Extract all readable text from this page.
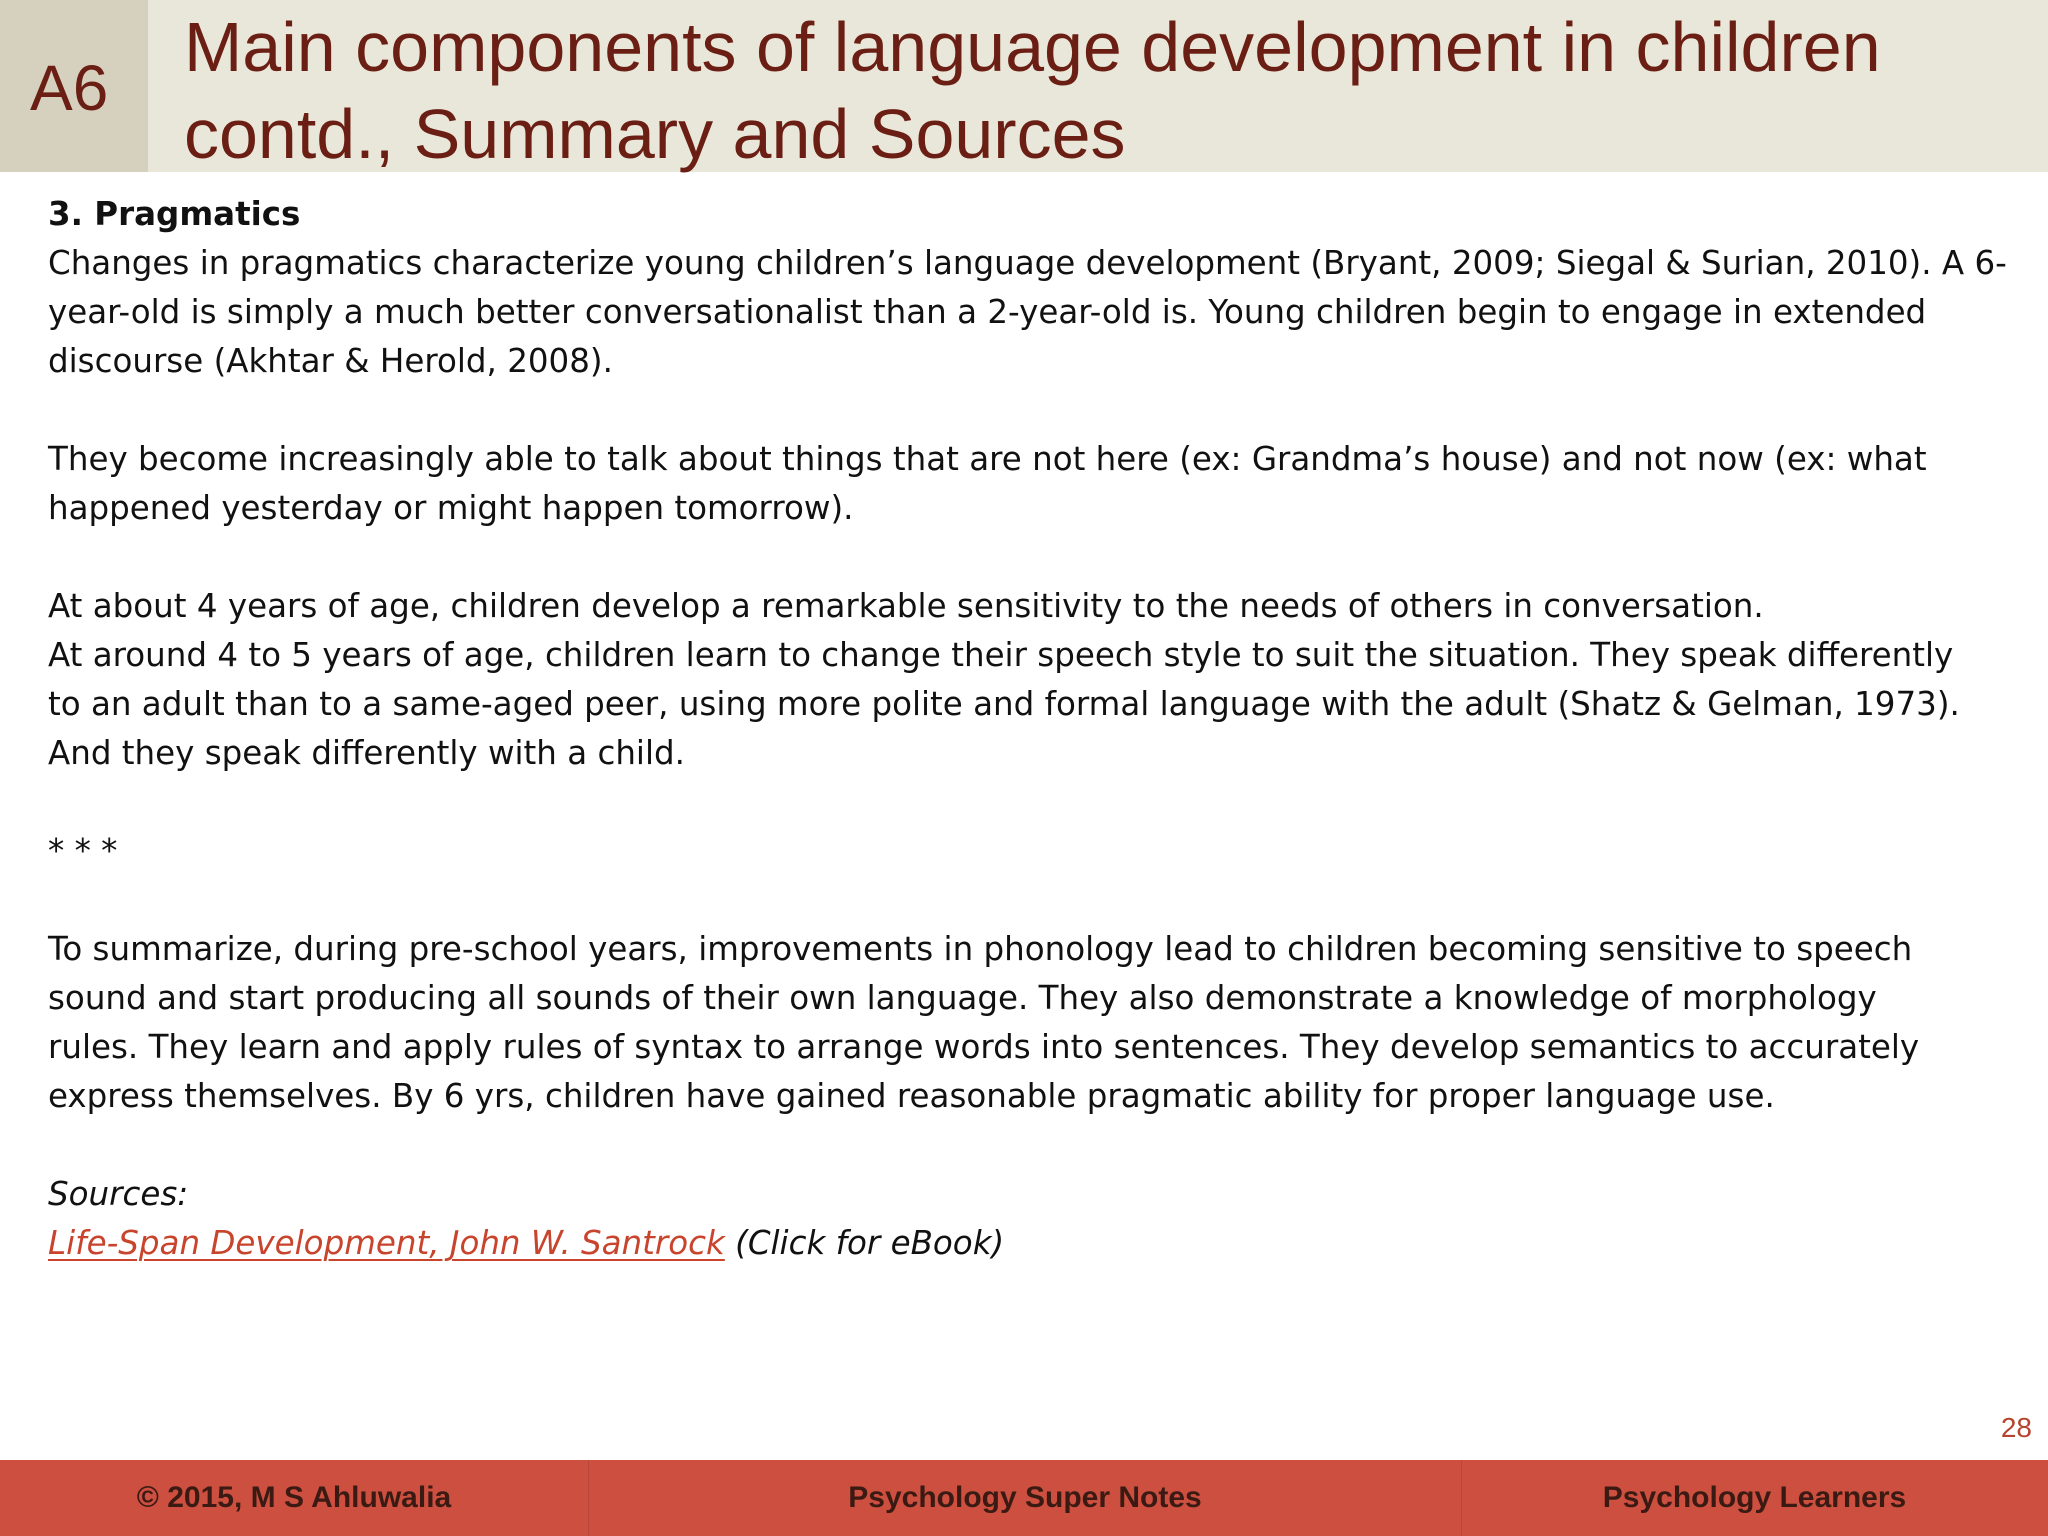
A6
Main components of language development in children
contd., Summary and Sources
3. Pragmatics
Changes in pragmatics characterize young children’s language development (Bryant, 2009; Siegal & Surian, 2010). A 6-
year-old is simply a much better conversationalist than a 2-year-old is. Young children begin to engage in extended
discourse (Akhtar & Herold, 2008).
They become increasingly able to talk about things that are not here (ex: Grandma’s house) and not now (ex: what
happened yesterday or might happen tomorrow).
At about 4 years of age, children develop a remarkable sensitivity to the needs of others in conversation.
At around 4 to 5 years of age, children learn to change their speech style to suit the situation. They speak differently
to an adult than to a same-aged peer, using more polite and formal language with the adult (Shatz & Gelman, 1973).
And they speak differently with a child.
* * *
To summarize, during pre-school years, improvements in phonology lead to children becoming sensitive to speech
sound and start producing all sounds of their own language. They also demonstrate a knowledge of morphology
rules. They learn and apply rules of syntax to arrange words into sentences. They develop semantics to accurately
express themselves. By 6 yrs, children have gained reasonable pragmatic ability for proper language use.
Sources:
Life-Span Development, John W. Santrock (Click for eBook)
28
© 2015, M S Ahluwalia	Psychology Super Notes	Psychology Learners
